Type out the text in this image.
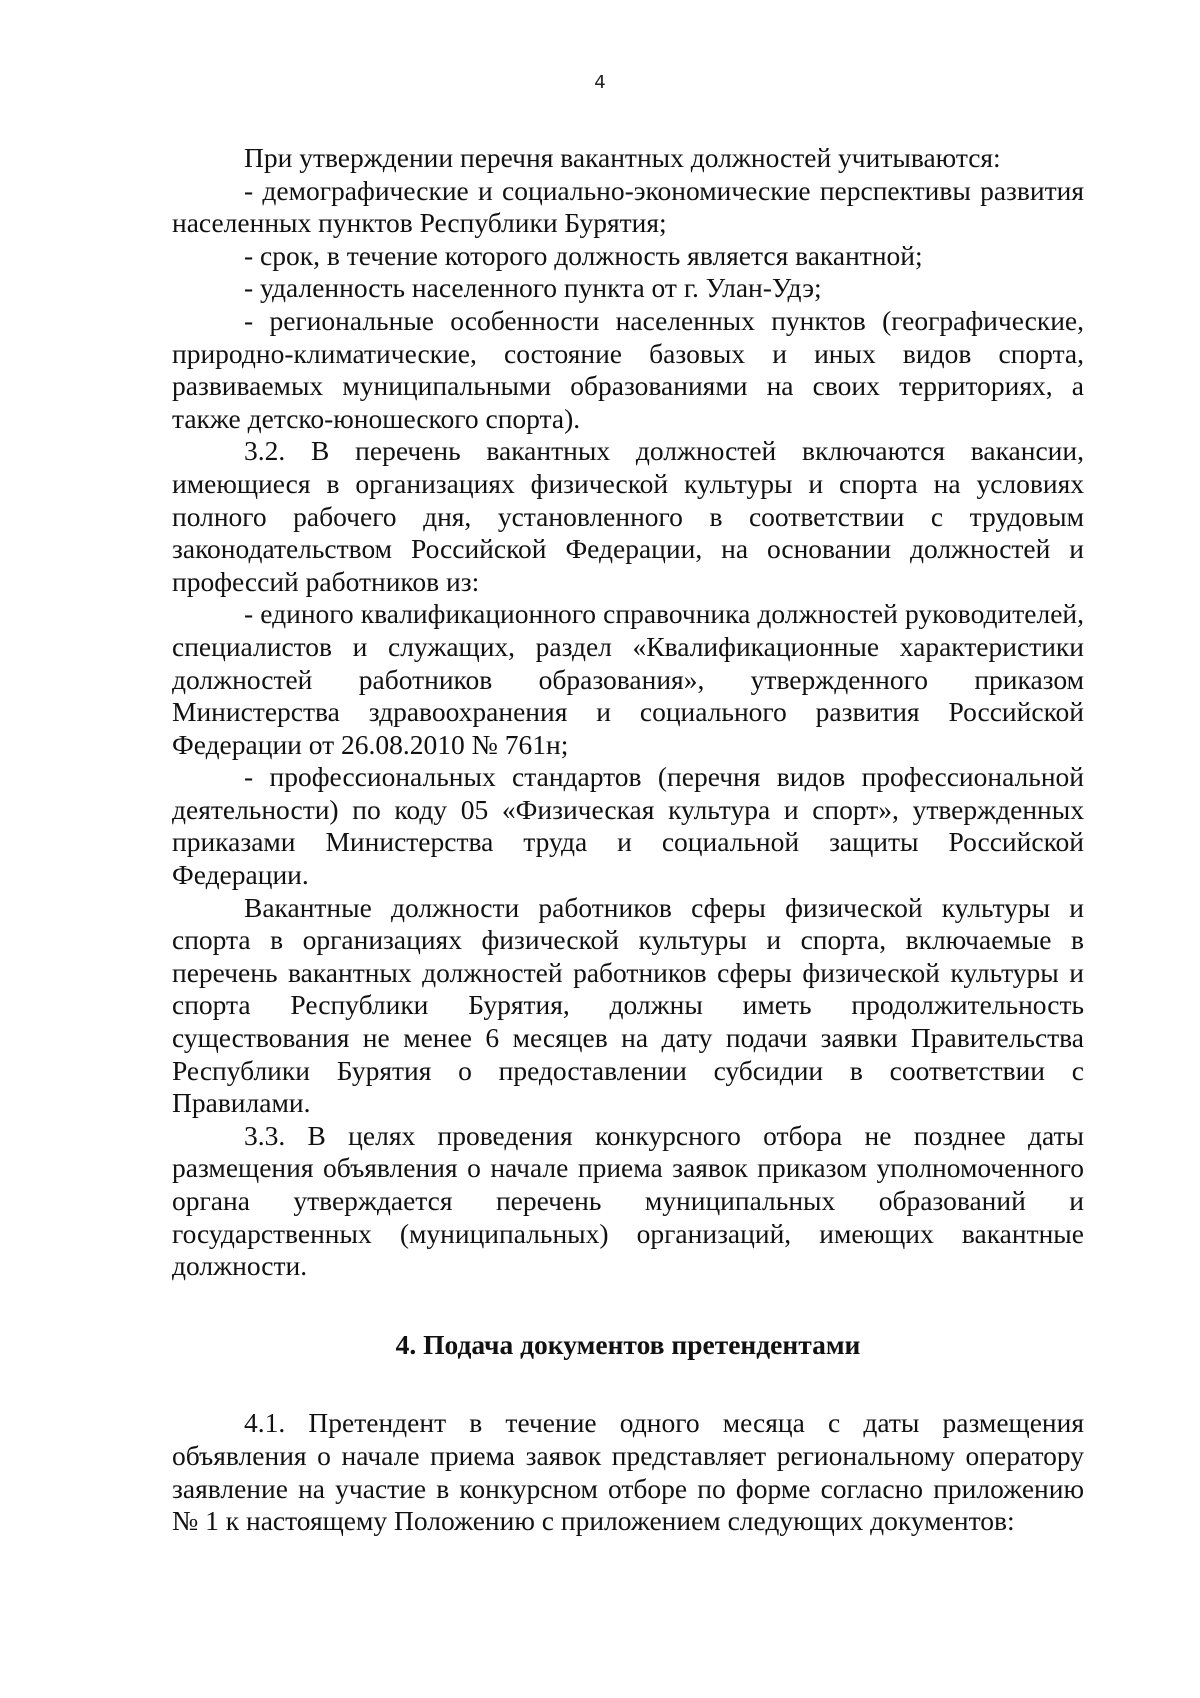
4

При утверждении перечня вакантных должностей учитываются:

- демографические и социально-экономические перспективы развития населенных пунктов Республики Бурятия;

- срок, в течение которого должность является вакантной;

- удаленность населенного пункта от г. Улан-Удэ;

- региональные особенности населенных пунктов (географические, природно-климатические, состояние базовых и иных видов спорта, развиваемых муниципальными образованиями на своих территориях, а также детско-юношеского спорта).

3.2. В перечень вакантных должностей включаются вакансии, имеющиеся в организациях физической культуры и спорта на условиях полного рабочего дня, установленного в соответствии с трудовым законодательством Российской Федерации, на основании должностей и профессий работников из:

- единого квалификационного справочника должностей руководителей, специалистов и служащих, раздел «Квалификационные характеристики должностей работников образования», утвержденного приказом Министерства здравоохранения и социального развития Российской Федерации от 26.08.2010 № 761н;

- профессиональных стандартов (перечня видов профессиональной деятельности) по коду 05 «Физическая культура и спорт», утвержденных приказами Министерства труда и социальной защиты Российской Федерации.

Вакантные должности работников сферы физической культуры и спорта в организациях физической культуры и спорта, включаемые в перечень вакантных должностей работников сферы физической культуры и спорта Республики Бурятия, должны иметь продолжительность существования не менее 6 месяцев на дату подачи заявки Правительства Республики Бурятия о предоставлении субсидии в соответствии с Правилами.

3.3. В целях проведения конкурсного отбора не позднее даты размещения объявления о начале приема заявок приказом уполномоченного органа утверждается перечень муниципальных образований и государственных (муниципальных) организаций, имеющих вакантные должности.

4. Подача документов претендентами

4.1. Претендент в течение одного месяца с даты размещения объявления о начале приема заявок представляет региональному оператору заявление на участие в конкурсном отборе по форме согласно приложению № 1 к настоящему Положению с приложением следующих документов:
